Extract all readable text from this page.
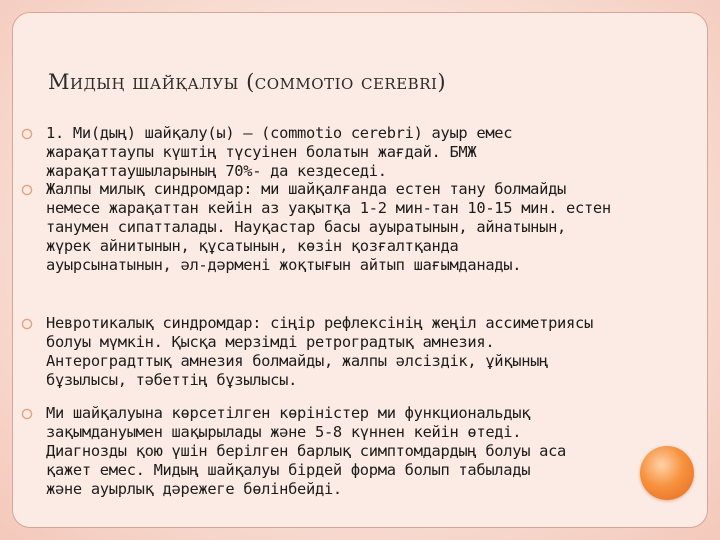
Мидың шайқалуы (commotio cerebri)

1. Ми(дың) шайқалу(ы) – (commotio cerebri) ауыр емес
жарақаттаупы күштің түсуінен болатын жағдай. БМЖ
жарақаттаушыларының 70%- да кездеседі.

Жалпы милық синдромдар: ми шайқалғанда естен тану болмайды
немесе жарақаттан кейін аз уақытқа 1-2 мин-тан 10-15 мин. естен
танумен сипатталады. Науқастар басы ауыратынын, айнатынын,
жүрек айнитынын, құсатынын, көзін қозғалтқанда
ауырсынатынын, әл-дәрменi жоқтығын айтып шағымданады.

Невротикалық синдромдар: сіңір рефлексінің жеңіл ассиметриясы
болуы мүмкін. Қысқа мерзімді ретроградтық амнезия.
Антероградттық амнезия болмайды, жалпы әлсіздік, ұйқының
бұзылысы, тәбеттің бұзылысы.

Ми шайқалуына көрсетілген көріністер ми функциональдық
зақымдануымен шақырылады және 5-8 күннен кейін өтеді.
Диагнозды қою үшін берілген барлық симптомдардың болуы аса
қажет емес. Мидың шайқалуы бірдей форма болып табылады
және ауырлық дәрежеге бөлінбейді.
